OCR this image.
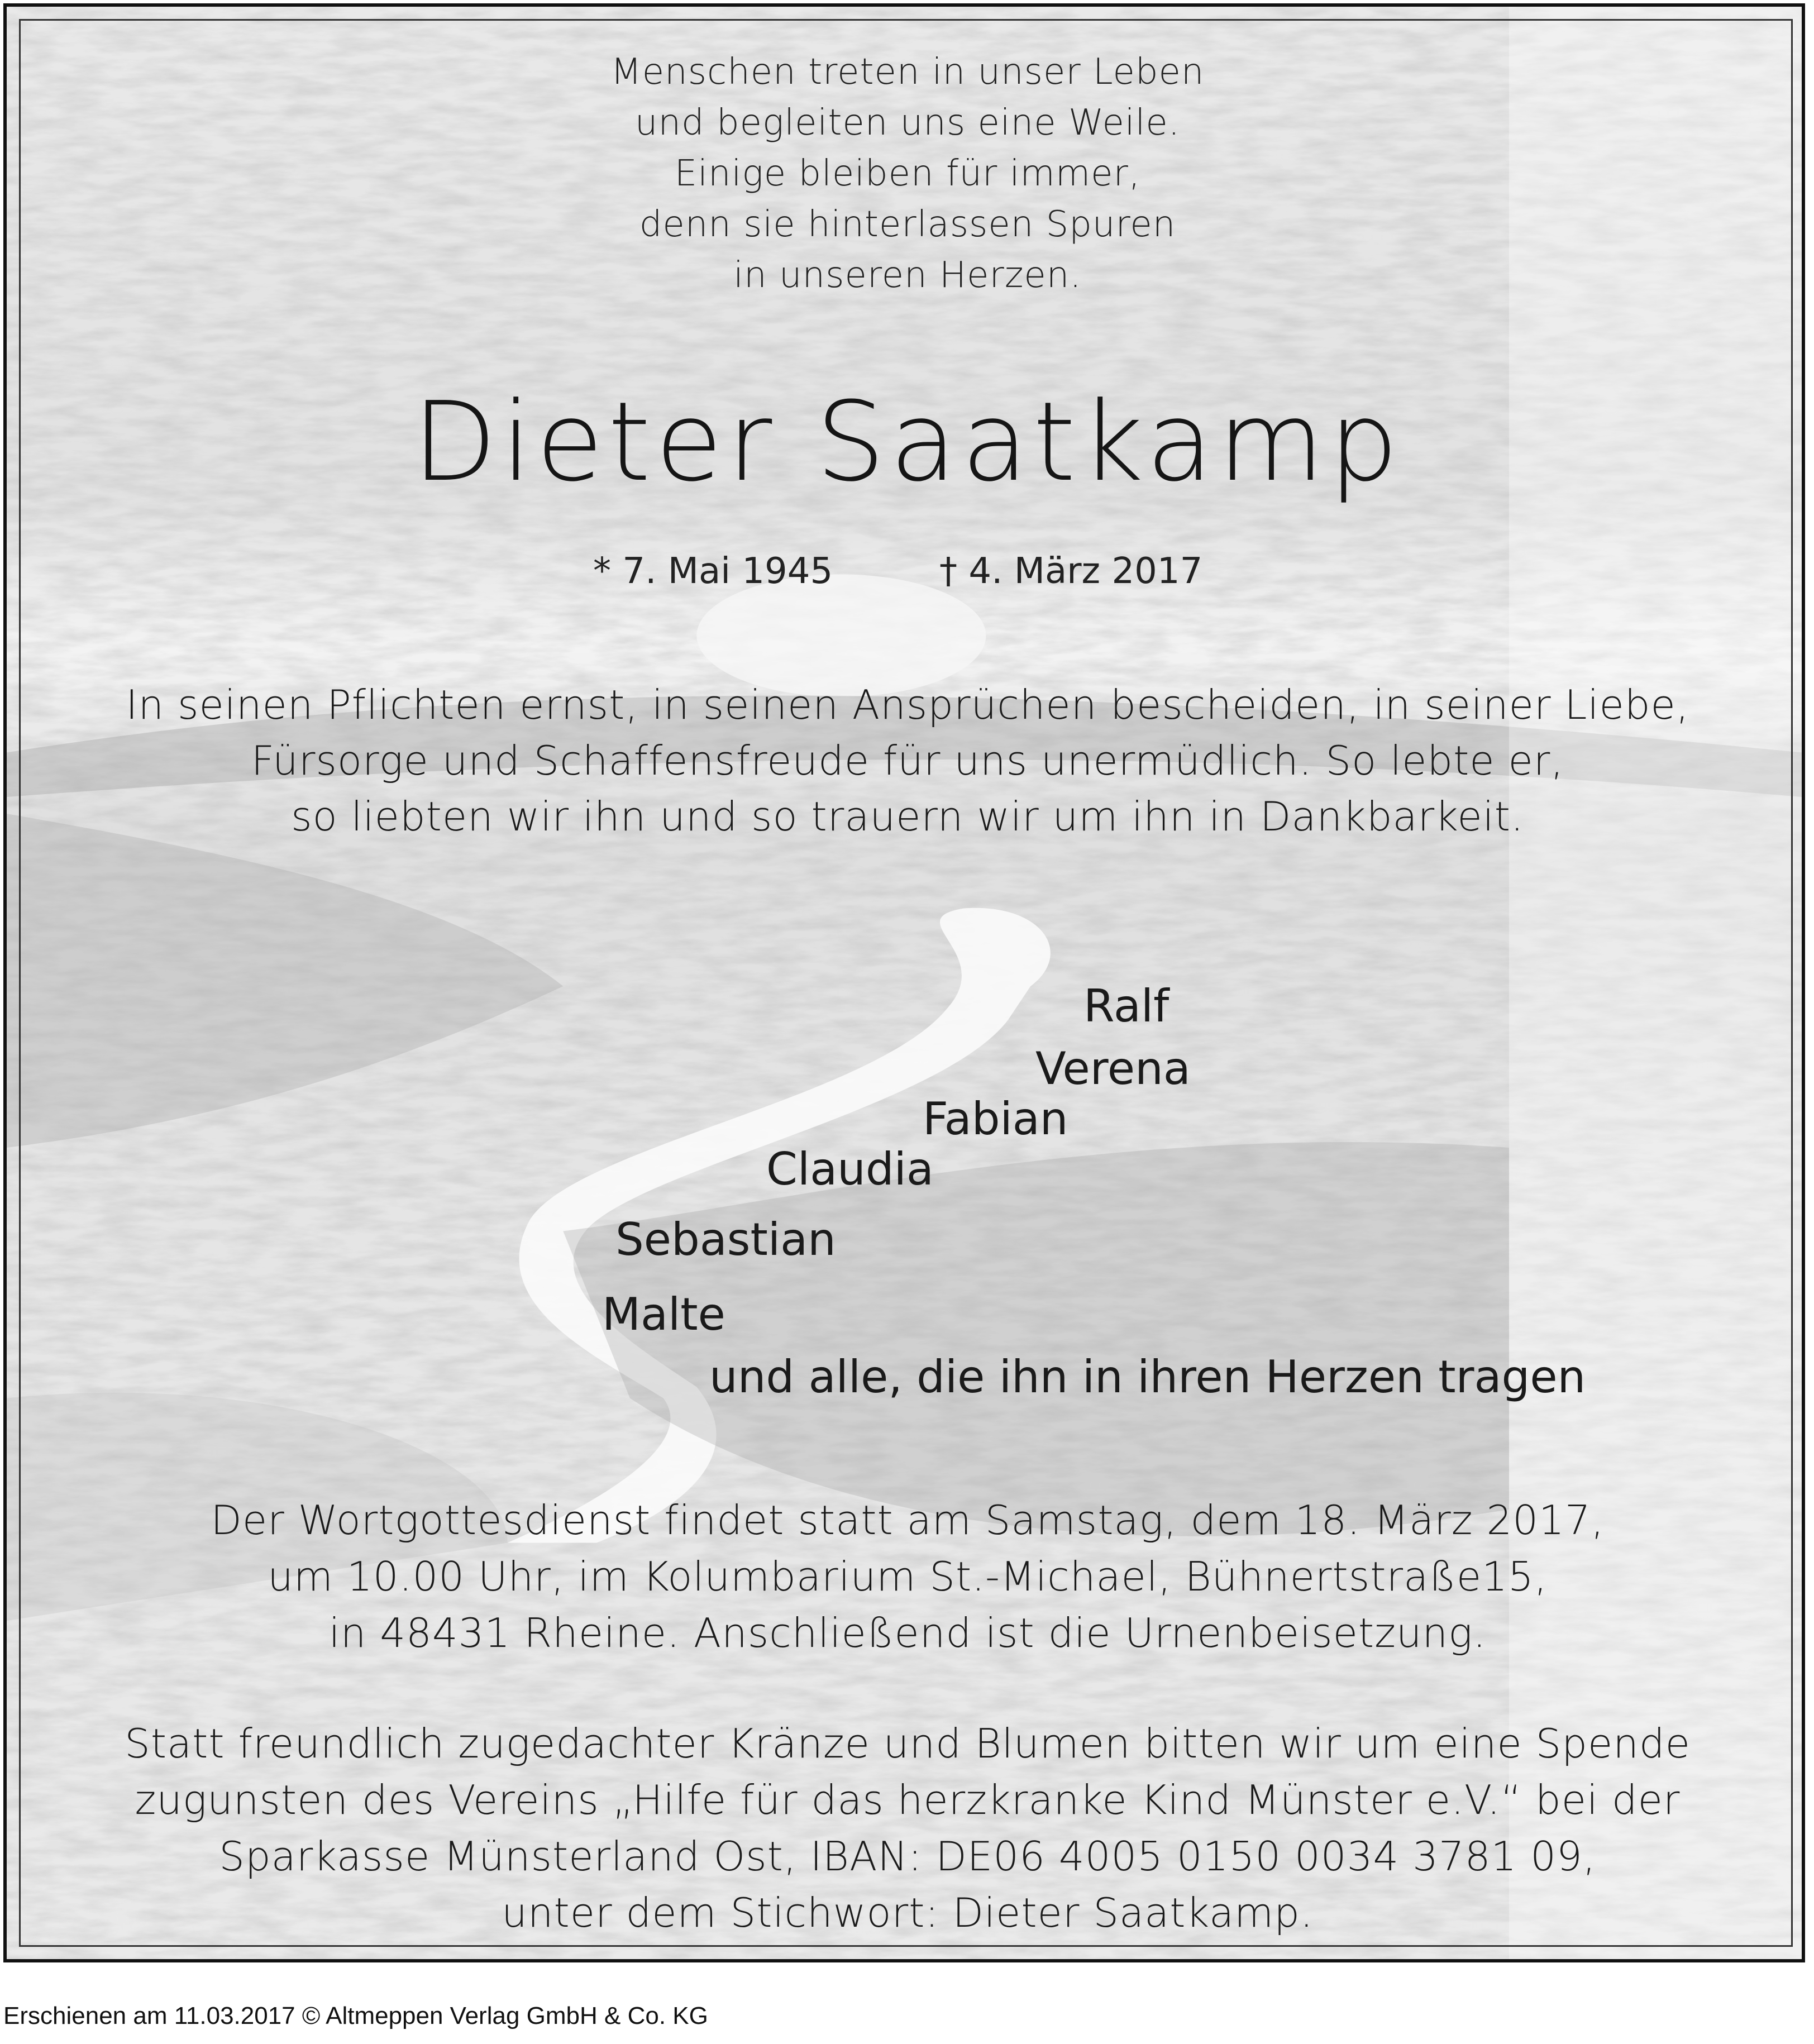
Menschen treten in unser Leben
und begleiten uns eine Weile.
Einige bleiben für immer,
denn sie hinterlassen Spuren
in unseren Herzen.
Dieter Saatkamp
* 7. Mai 1945	† 4. März 2017
In seinen Pflichten ernst, in seinen Ansprüchen bescheiden, in seiner Liebe,
Fürsorge und Schaffensfreude für uns unermüdlich. So lebte er,
so liebten wir ihn und so trauern wir um ihn in Dankbarkeit.
Ralf
Verena
Fabian
Claudia
Sebastian
Malte
und alle, die ihn in ihren Herzen tragen
Der Wortgottesdienst findet statt am Samstag, dem 18. März 2017,
um 10.00 Uhr, im Kolumbarium St.-Michael, Bühnertstraße15,
in 48431 Rheine. Anschließend ist die Urnenbeisetzung.
Statt freundlich zugedachter Kränze und Blumen bitten wir um eine Spende
zugunsten des Vereins „Hilfe für das herzkranke Kind Münster e.V.“ bei der
Sparkasse Münsterland Ost, IBAN: DE06 4005 0150 0034 3781 09,
unter dem Stichwort: Dieter Saatkamp.
Erschienen am 11.03.2017 © Altmeppen Verlag GmbH & Co. KG
